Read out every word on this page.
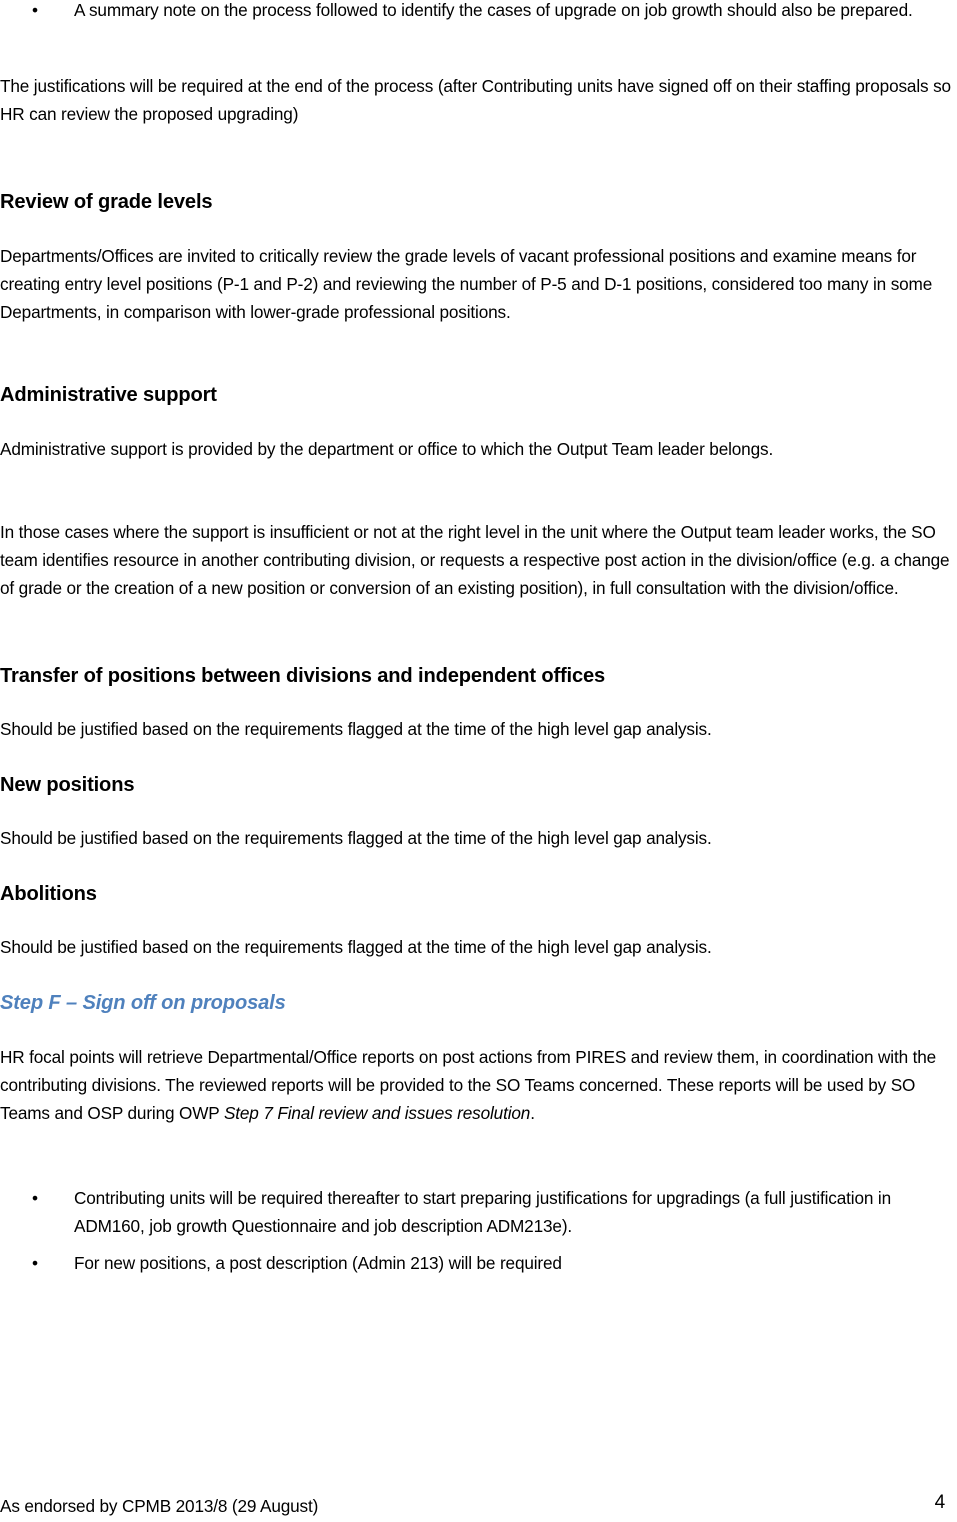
• A summary note on the process followed to identify the cases of upgrade on job growth should also be prepared.

The justifications will be required at the end of the process (after Contributing units have signed off on their staffing proposals so HR can review the proposed upgrading)

Review of grade levels

Departments/Offices are invited to critically review the grade levels of vacant professional positions and examine means for creating entry level positions (P-1 and P-2) and reviewing the number of P-5 and D-1 positions, considered too many in some Departments, in comparison with lower-grade professional positions.

Administrative support

Administrative support is provided by the department or office to which the Output Team leader belongs.

In those cases where the support is insufficient or not at the right level in the unit where the Output team leader works, the SO team identifies resource in another contributing division, or requests a respective post action in the division/office (e.g. a change of grade or the creation of a new position or conversion of an existing position), in full consultation with the division/office.

Transfer of positions between divisions and independent offices

Should be justified based on the requirements flagged at the time of the high level gap analysis.

New positions

Should be justified based on the requirements flagged at the time of the high level gap analysis.

Abolitions

Should be justified based on the requirements flagged at the time of the high level gap analysis.

Step F – Sign off on proposals

HR focal points will retrieve Departmental/Office reports on post actions from PIRES and review them, in coordination with the contributing divisions. The reviewed reports will be provided to the SO Teams concerned. These reports will be used by SO Teams and OSP during OWP Step 7 Final review and issues resolution.

• Contributing units will be required thereafter to start preparing justifications for upgradings (a full justification in ADM160, job growth Questionnaire and job description ADM213e).
• For new positions, a post description (Admin 213) will be required
As endorsed by CPMB 2013/8 (29 August)	4
